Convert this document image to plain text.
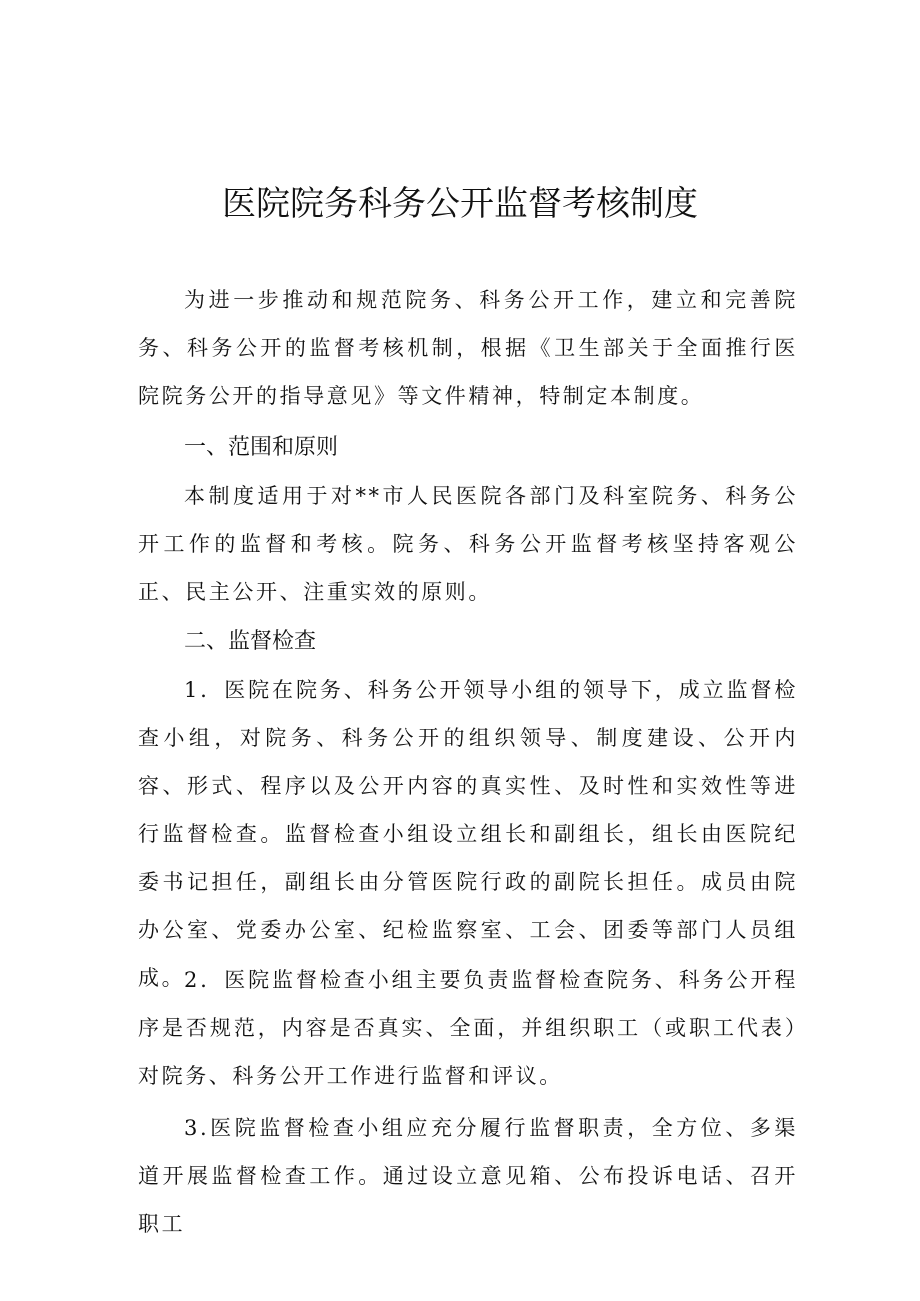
医院院务科务公开监督考核制度

为进一步推动和规范院务、科务公开工作，建立和完善院务、科务公开的监督考核机制，根据《卫生部关于全面推行医院院务公开的指导意见》等文件精神，特制定本制度。

一、范围和原则

本制度适用于对**市人民医院各部门及科室院务、科务公开工作的监督和考核。院务、科务公开监督考核坚持客观公正、民主公开、注重实效的原则。

二、监督检查

1．医院在院务、科务公开领导小组的领导下，成立监督检查小组，对院务、科务公开的组织领导、制度建设、公开内容、形式、程序以及公开内容的真实性、及时性和实效性等进行监督检查。监督检查小组设立组长和副组长，组长由医院纪委书记担任，副组长由分管医院行政的副院长担任。成员由院办公室、党委办公室、纪检监察室、工会、团委等部门人员组成。

2．医院监督检查小组主要负责监督检查院务、科务公开程序是否规范，内容是否真实、全面，并组织职工（或职工代表）对院务、科务公开工作进行监督和评议。

3.医院监督检查小组应充分履行监督职责，全方位、多渠道开展监督检查工作。通过设立意见箱、公布投诉电话、召开职工
